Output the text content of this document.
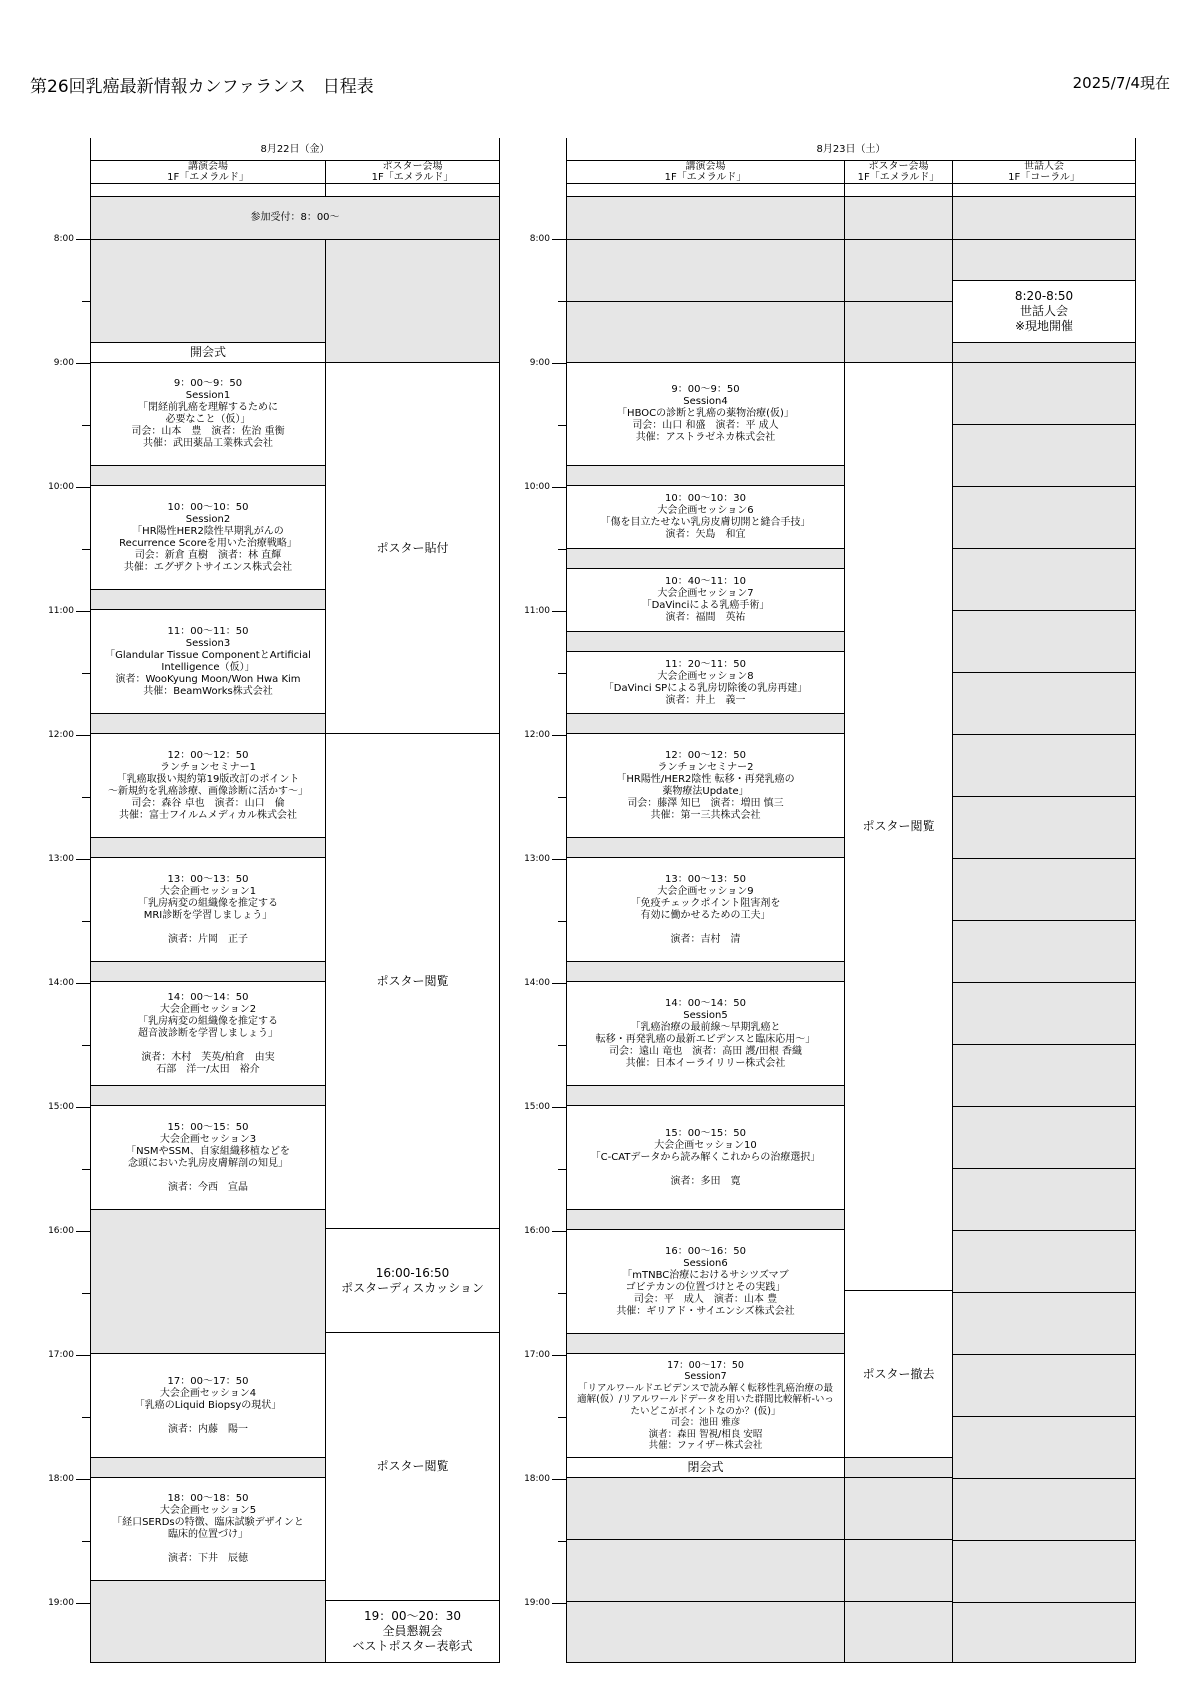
第26回乳癌最新情報カンファランス　日程表	2025/7/4現在
8:00
9:00
10:00
11:00
12:00
13:00
14:00
15:00
16:00
17:00
18:00
19:00
8:00
9:00
10:00
11:00
12:00
13:00
14:00
15:00
16:00
17:00
18:00
19:00
8月22日（金）
講演会場
1F「エメラルド」
ポスター会場
1F「エメラルド」
参加受付：8：00～
開会式
9：00～9：50
Session1
「閉経前乳癌を理解するために
必要なこと（仮）」
司会：山本　豊　演者：佐治 重衡
共催：武田薬品工業株式会社
10：00～10：50
Session2
「HR陽性HER2陰性早期乳がんの
Recurrence Scoreを用いた治療戦略」
司会：新倉 直樹　演者：林 直輝
共催：エグザクトサイエンス株式会社
11：00～11：50
Session3
「Glandular Tissue ComponentとArtificial
Intelligence（仮）」
演者：WooKyung Moon/Won Hwa Kim
共催：BeamWorks株式会社
12：00～12：50
ランチョンセミナー1
「乳癌取扱い規約第19版改訂のポイント
～新規約を乳癌診療、画像診断に活かす～」
司会：森谷 卓也　演者：山口　倫
共催：富士フイルムメディカル株式会社
13：00～13：50
大会企画セッション1
「乳房病変の組織像を推定する
MRI診断を学習しましょう」

演者：片岡　正子
14：00～14：50
大会企画セッション2
「乳房病変の組織像を推定する
超音波診断を学習しましょう」

演者：木村　芙英/柏倉　由実
石部　洋一/太田　裕介
15：00～15：50
大会企画セッション3
「NSMやSSM、自家組織移植などを
念頭においた乳房皮膚解剖の知見」

演者：今西　宣晶
17：00～17：50
大会企画セッション4
「乳癌のLiquid Biopsyの現状」

演者：内藤　陽一
18：00～18：50
大会企画セッション5
「経口SERDsの特徴、臨床試験デザインと
臨床的位置づけ」

演者：下井　辰徳
ポスター貼付
ポスター閲覧
16:00-16:50
ポスターディスカッション
ポスター閲覧
19：00～20：30
全員懇親会
ベストポスター表彰式
8月23日（土）
講演会場
1F「エメラルド」
ポスター会場
1F「エメラルド」
世話人会
1F「コーラル」
9：00～9：50
Session4
「HBOCの診断と乳癌の薬物治療(仮)」
司会：山口 和盛　演者：平 成人
共催：アストラゼネカ株式会社
10：00～10：30
大会企画セッション6
「傷を目立たせない乳房皮膚切開と縫合手技」
演者：矢島　和宜
10：40～11：10
大会企画セッション7
「DaVinciによる乳癌手術」
演者：福間　英祐
11：20～11：50
大会企画セッション8
「DaVinci SPによる乳房切除後の乳房再建」
演者：井上　義一
12：00～12：50
ランチョンセミナー2
「HR陽性/HER2陰性 転移・再発乳癌の
薬物療法Update」
司会：藤澤 知巳　演者：増田 慎三
共催：第一三共株式会社
13：00～13：50
大会企画セッション9
「免疫チェックポイント阻害剤を
有効に働かせるための工夫」

演者：吉村　清
14：00～14：50
Session5
「乳癌治療の最前線～早期乳癌と
転移・再発乳癌の最新エビデンスと臨床応用～」
司会：遠山 竜也　演者：高田 護/田根 香織
共催：日本イーライリリー株式会社
15：00～15：50
大会企画セッション10
「C-CATデータから読み解くこれからの治療選択」

演者：多田　寛
16：00～16：50
Session6
「mTNBC治療におけるサシツズマブ
ゴビテカンの位置づけとその実践」
司会：平　成人　演者：山本 豊
共催：ギリアド・サイエンシズ株式会社
17：00～17：50
Session7
「リアルワールドエビデンスで読み解く転移性乳癌治療の最
適解(仮）/リアルワールドデータを用いた群間比較解析-いっ
たいどこがポイントなのか？(仮)」
司会：池田 雅彦
演者：森田 智視/相良 安昭
共催：ファイザー株式会社
閉会式
ポスター閲覧
ポスター撤去
8:20-8:50
世話人会
※現地開催
